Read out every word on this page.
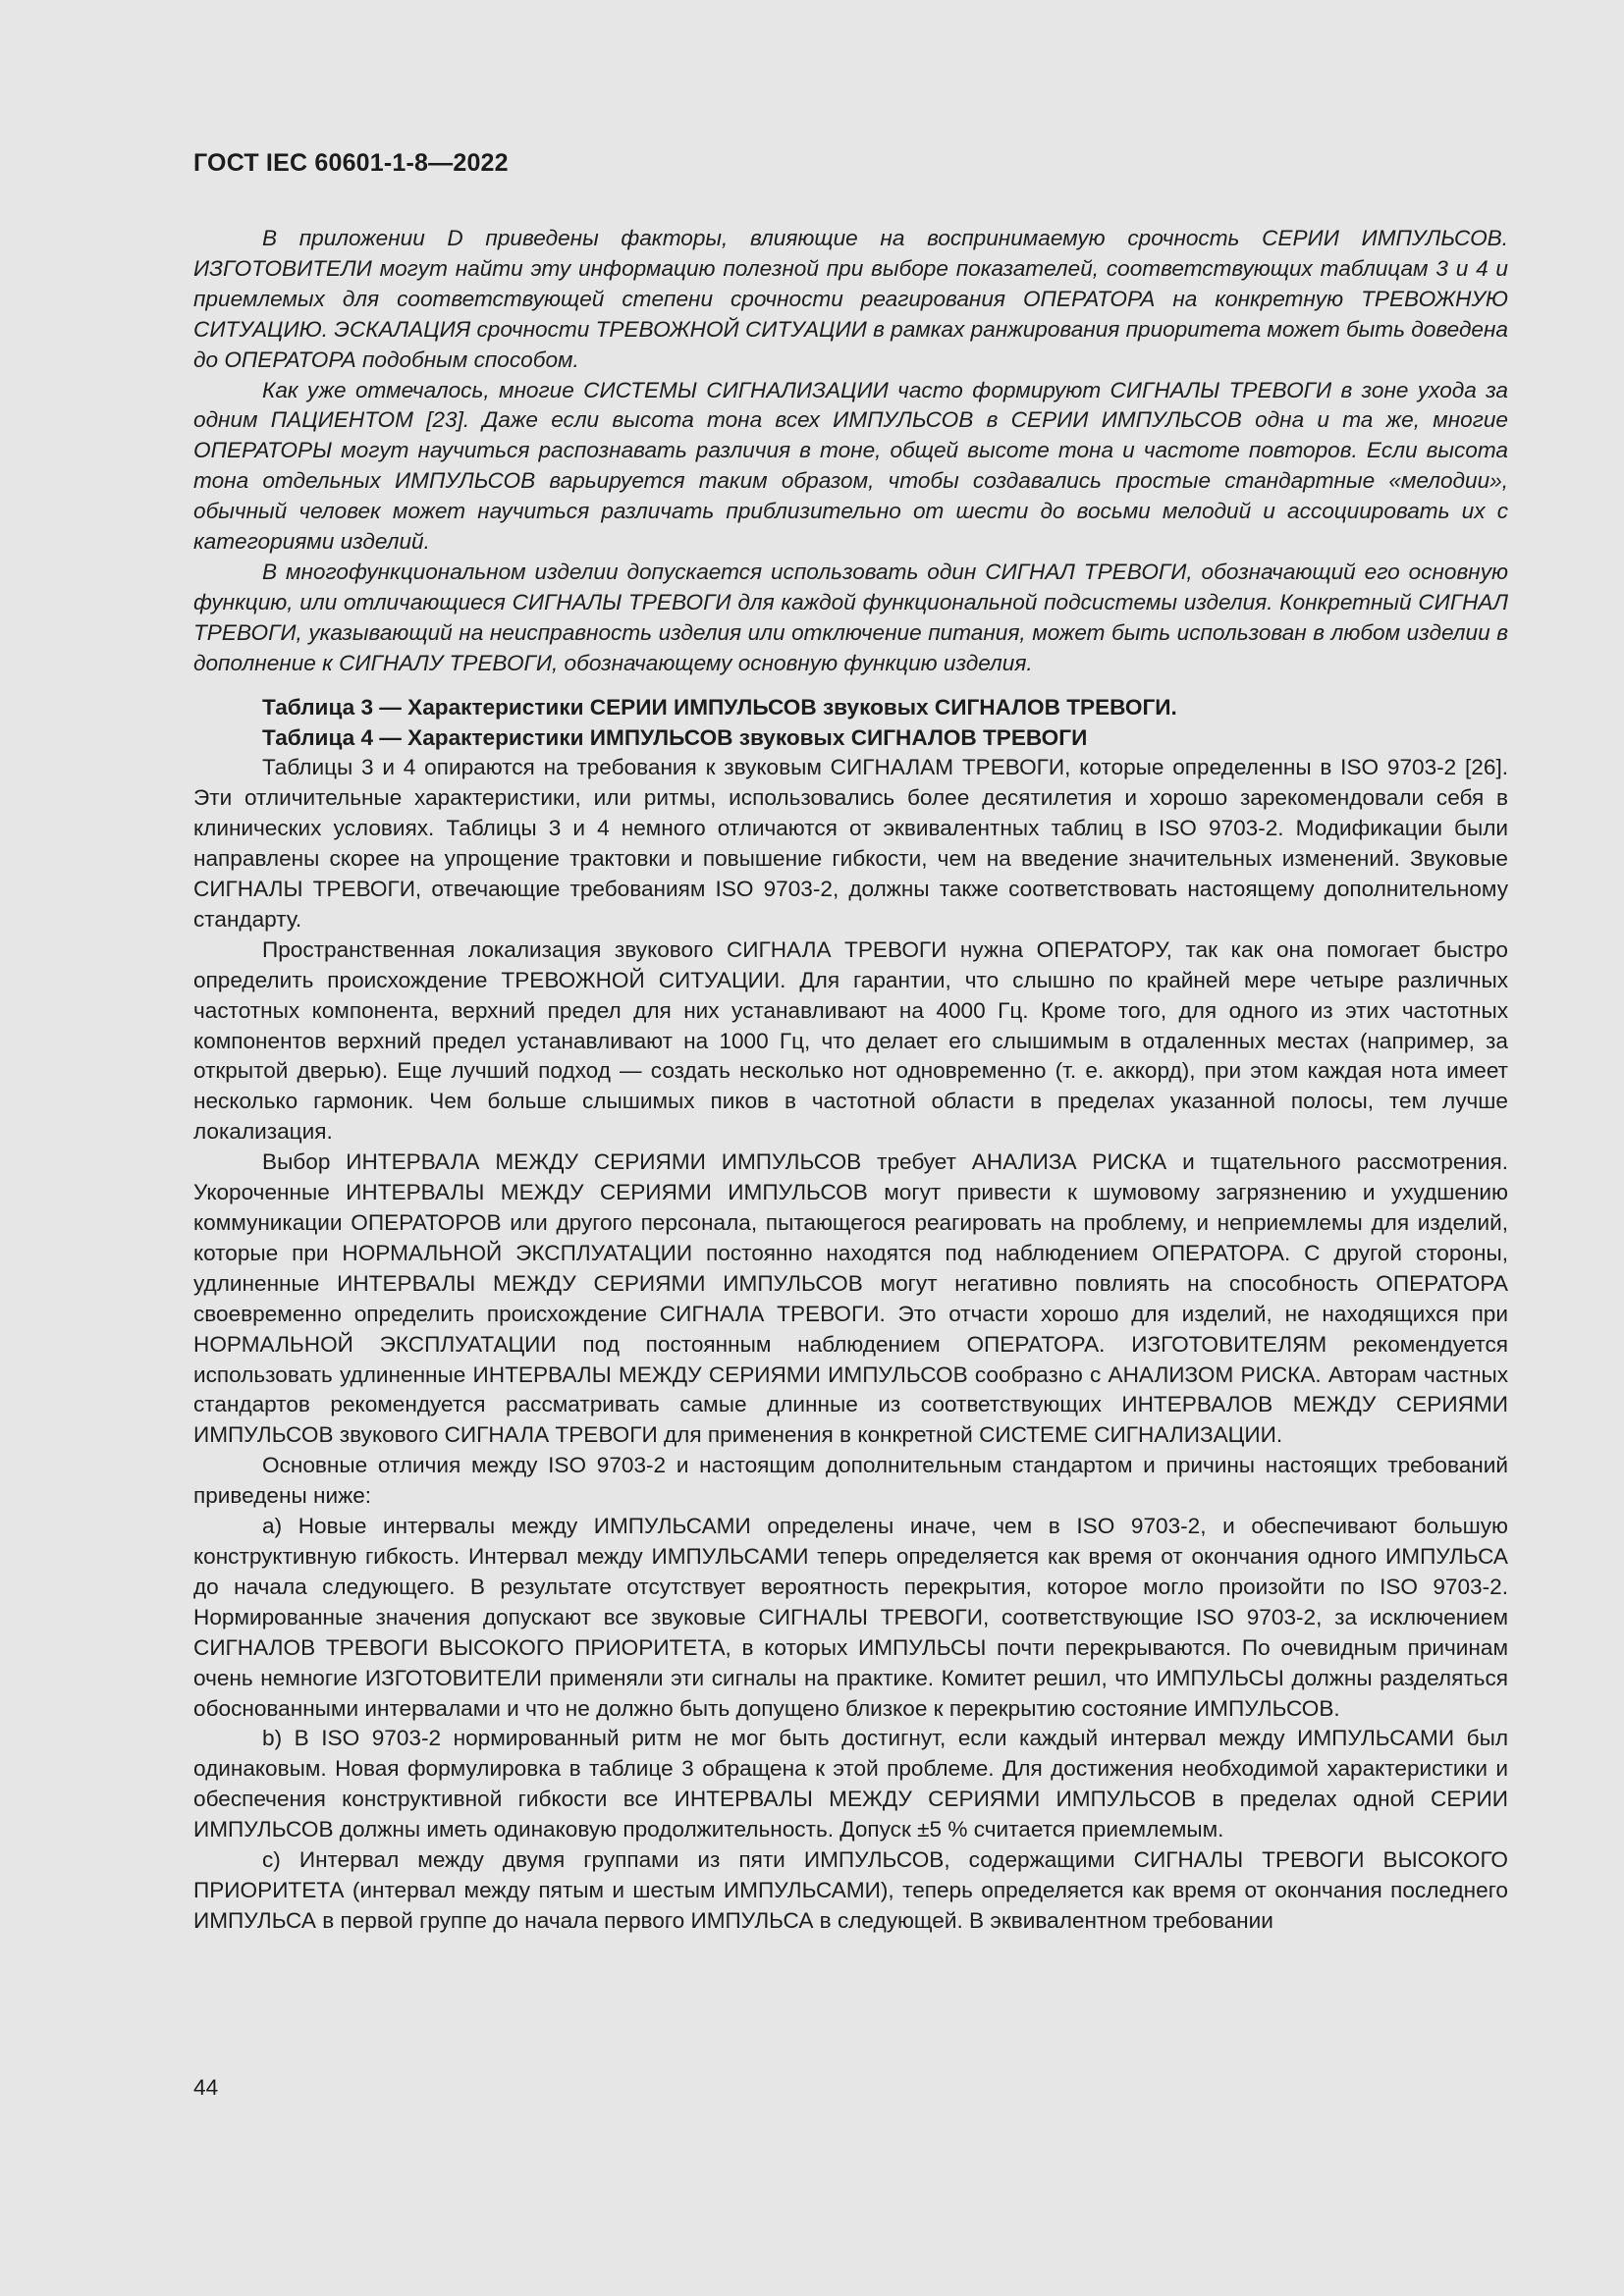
ГОСТ IEC 60601-1-8—2022

В приложении D приведены факторы, влияющие на воспринимаемую срочность СЕРИИ ИМПУЛЬСОВ. ИЗГОТОВИТЕЛИ могут найти эту информацию полезной при выборе показателей, соответствующих таблицам 3 и 4 и приемлемых для соответствующей степени срочности реагирования ОПЕРАТОРА на конкретную ТРЕВОЖНУЮ СИТУАЦИЮ. ЭСКАЛАЦИЯ срочности ТРЕВОЖНОЙ СИТУАЦИИ в рамках ранжирования приоритета может быть доведена до ОПЕРАТОРА подобным способом.

Как уже отмечалось, многие СИСТЕМЫ СИГНАЛИЗАЦИИ часто формируют СИГНАЛЫ ТРЕВОГИ в зоне ухода за одним ПАЦИЕНТОМ [23]. Даже если высота тона всех ИМПУЛЬСОВ в СЕРИИ ИМПУЛЬСОВ одна и та же, многие ОПЕРАТОРЫ могут научиться распознавать различия в тоне, общей высоте тона и частоте повторов. Если высота тона отдельных ИМПУЛЬСОВ варьируется таким образом, чтобы создавались простые стандартные «мелодии», обычный человек может научиться различать приблизительно от шести до восьми мелодий и ассоциировать их с категориями изделий.

В многофункциональном изделии допускается использовать один СИГНАЛ ТРЕВОГИ, обозначающий его основную функцию, или отличающиеся СИГНАЛЫ ТРЕВОГИ для каждой функциональной подсистемы изделия. Конкретный СИГНАЛ ТРЕВОГИ, указывающий на неисправность изделия или отключение питания, может быть использован в любом изделии в дополнение к СИГНАЛУ ТРЕВОГИ, обозначающему основную функцию изделия.

Таблица 3 — Характеристики СЕРИИ ИМПУЛЬСОВ звуковых СИГНАЛОВ ТРЕВОГИ.

Таблица 4 — Характеристики ИМПУЛЬСОВ звуковых СИГНАЛОВ ТРЕВОГИ

Таблицы 3 и 4 опираются на требования к звуковым СИГНАЛАМ ТРЕВОГИ, которые определенны в ISO 9703-2 [26]. Эти отличительные характеристики, или ритмы, использовались более десятилетия и хорошо зарекомендовали себя в клинических условиях. Таблицы 3 и 4 немного отличаются от эквивалентных таблиц в ISO 9703-2. Модификации были направлены скорее на упрощение трактовки и повышение гибкости, чем на введение значительных изменений. Звуковые СИГНАЛЫ ТРЕВОГИ, отвечающие требованиям ISO 9703-2, должны также соответствовать настоящему дополнительному стандарту.

Пространственная локализация звукового СИГНАЛА ТРЕВОГИ нужна ОПЕРАТОРУ, так как она помогает быстро определить происхождение ТРЕВОЖНОЙ СИТУАЦИИ. Для гарантии, что слышно по крайней мере четыре различных частотных компонента, верхний предел для них устанавливают на 4000 Гц. Кроме того, для одного из этих частотных компонентов верхний предел устанавливают на 1000 Гц, что делает его слышимым в отдаленных местах (например, за открытой дверью). Еще лучший подход — создать несколько нот одновременно (т. е. аккорд), при этом каждая нота имеет несколько гармоник. Чем больше слышимых пиков в частотной области в пределах указанной полосы, тем лучше локализация.

Выбор ИНТЕРВАЛА МЕЖДУ СЕРИЯМИ ИМПУЛЬСОВ требует АНАЛИЗА РИСКА и тщательного рассмотрения. Укороченные ИНТЕРВАЛЫ МЕЖДУ СЕРИЯМИ ИМПУЛЬСОВ могут привести к шумовому загрязнению и ухудшению коммуникации ОПЕРАТОРОВ или другого персонала, пытающегося реагировать на проблему, и неприемлемы для изделий, которые при НОРМАЛЬНОЙ ЭКСПЛУАТАЦИИ постоянно находятся под наблюдением ОПЕРАТОРА. С другой стороны, удлиненные ИНТЕРВАЛЫ МЕЖДУ СЕРИЯМИ ИМПУЛЬСОВ могут негативно повлиять на способность ОПЕРАТОРА своевременно определить происхождение СИГНАЛА ТРЕВОГИ. Это отчасти хорошо для изделий, не находящихся при НОРМАЛЬНОЙ ЭКСПЛУАТАЦИИ под постоянным наблюдением ОПЕРАТОРА. ИЗГОТОВИТЕЛЯМ рекомендуется использовать удлиненные ИНТЕРВАЛЫ МЕЖДУ СЕРИЯМИ ИМПУЛЬСОВ сообразно с АНАЛИЗОМ РИСКА. Авторам частных стандартов рекомендуется рассматривать самые длинные из соответствующих ИНТЕРВАЛОВ МЕЖДУ СЕРИЯМИ ИМПУЛЬСОВ звукового СИГНАЛА ТРЕВОГИ для применения в конкретной СИСТЕМЕ СИГНАЛИЗАЦИИ.

Основные отличия между ISO 9703-2 и настоящим дополнительным стандартом и причины настоящих требований приведены ниже:

a) Новые интервалы между ИМПУЛЬСАМИ определены иначе, чем в ISO 9703-2, и обеспечивают большую конструктивную гибкость. Интервал между ИМПУЛЬСАМИ теперь определяется как время от окончания одного ИМПУЛЬСА до начала следующего. В результате отсутствует вероятность перекрытия, которое могло произойти по ISO 9703-2. Нормированные значения допускают все звуковые СИГНАЛЫ ТРЕВОГИ, соответствующие ISO 9703-2, за исключением СИГНАЛОВ ТРЕВОГИ ВЫСОКОГО ПРИОРИТЕТА, в которых ИМПУЛЬСЫ почти перекрываются. По очевидным причинам очень немногие ИЗГОТОВИТЕЛИ применяли эти сигналы на практике. Комитет решил, что ИМПУЛЬСЫ должны разделяться обоснованными интервалами и что не должно быть допущено близкое к перекрытию состояние ИМПУЛЬСОВ.

b) В ISO 9703-2 нормированный ритм не мог быть достигнут, если каждый интервал между ИМПУЛЬСАМИ был одинаковым. Новая формулировка в таблице 3 обращена к этой проблеме. Для достижения необходимой характеристики и обеспечения конструктивной гибкости все ИНТЕРВАЛЫ МЕЖДУ СЕРИЯМИ ИМПУЛЬСОВ в пределах одной СЕРИИ ИМПУЛЬСОВ должны иметь одинаковую продолжительность. Допуск ±5 % считается приемлемым.

c) Интервал между двумя группами из пяти ИМПУЛЬСОВ, содержащими СИГНАЛЫ ТРЕВОГИ ВЫСОКОГО ПРИОРИТЕТА (интервал между пятым и шестым ИМПУЛЬСАМИ), теперь определяется как время от окончания последнего ИМПУЛЬСА в первой группе до начала первого ИМПУЛЬСА в следующей. В эквивалентном требовании

44
